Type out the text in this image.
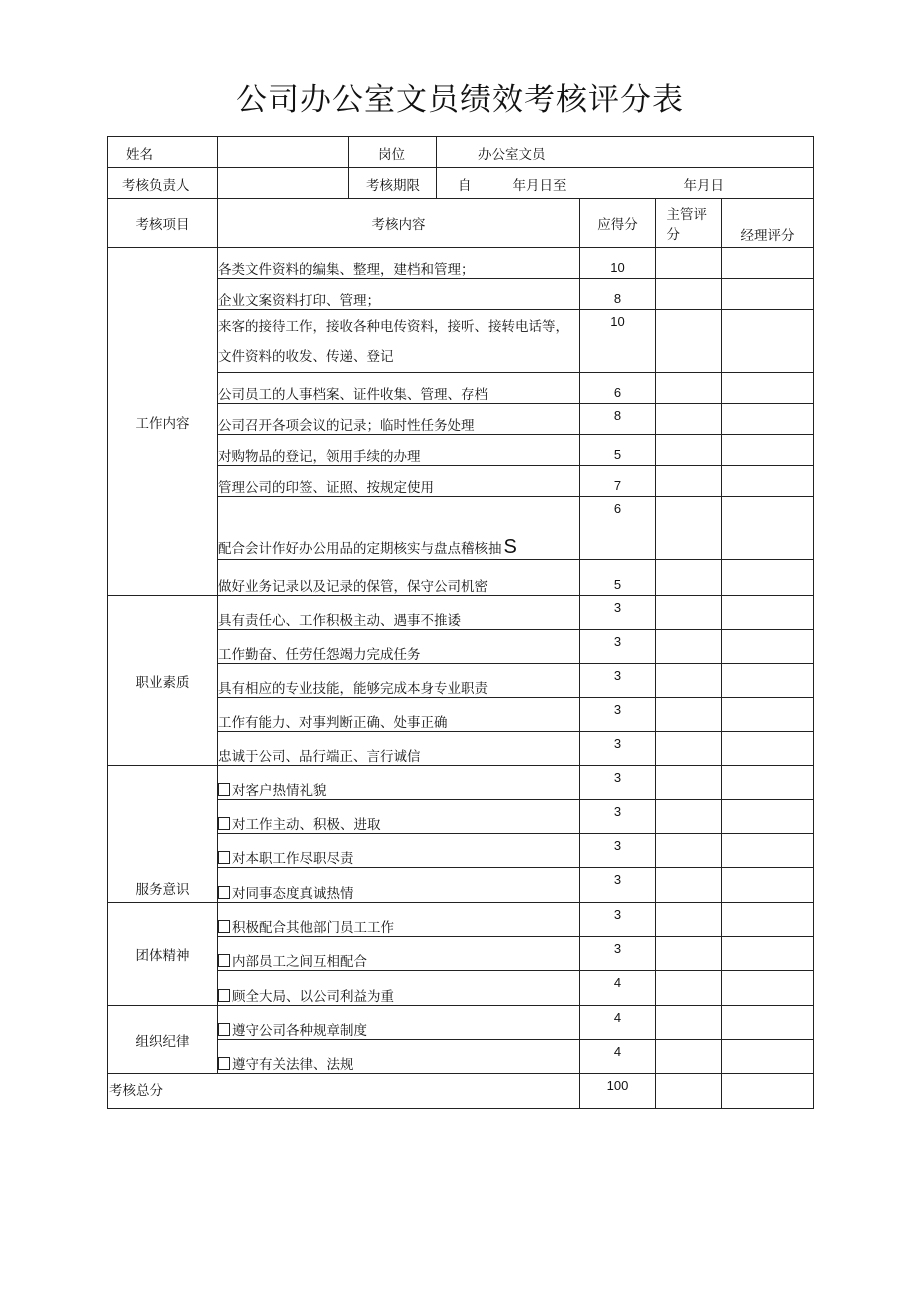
公司办公室文员绩效考核评分表
姓名		岗位	办公室文员			
考核负责人		考核期限	自 年月日至 年月日			
考核项目	考核内容			应得分	主管评分	经理评分
工作内容	各类文件资料的编集、整理，建档和管理；			10		
	企业文案资料打印、管理；			8		
	来客的接待工作，接收各种电传资料，接听、接转电话等，文件资料的收发、传递、登记			10		
	公司员工的人事档案、证件收集、管理、存档			6		
	公司召开各项会议的记录；临时性任务处理			8		
	对购物品的登记，领用手续的办理			5		
	管理公司的印签、证照、按规定使用			7		
	配合会计作好办公用品的定期核实与盘点稽核抽 S			6		
	做好业务记录以及记录的保管，保守公司机密			5		
职业素质	具有责任心、工作积极主动、遇事不推诿			3		
	工作勤奋、任劳任怨竭力完成任务			3		
	具有相应的专业技能，能够完成本身专业职责			3		
	工作有能力、对事判断正确、处事正确			3		
	忠诚于公司、品行端正、言行诚信			3		
服务意识	对客户热情礼貌			3		
	对工作主动、积极、进取			3		
	对本职工作尽职尽责			3		
	对同事态度真诚热情			3		
团体精神	积极配合其他部门员工工作			3		
	内部员工之间互相配合			3		
	顾全大局、以公司利益为重			4		
组织纪律	遵守公司各种规章制度			4		
	遵守有关法律、法规			4		
考核总分				100		
